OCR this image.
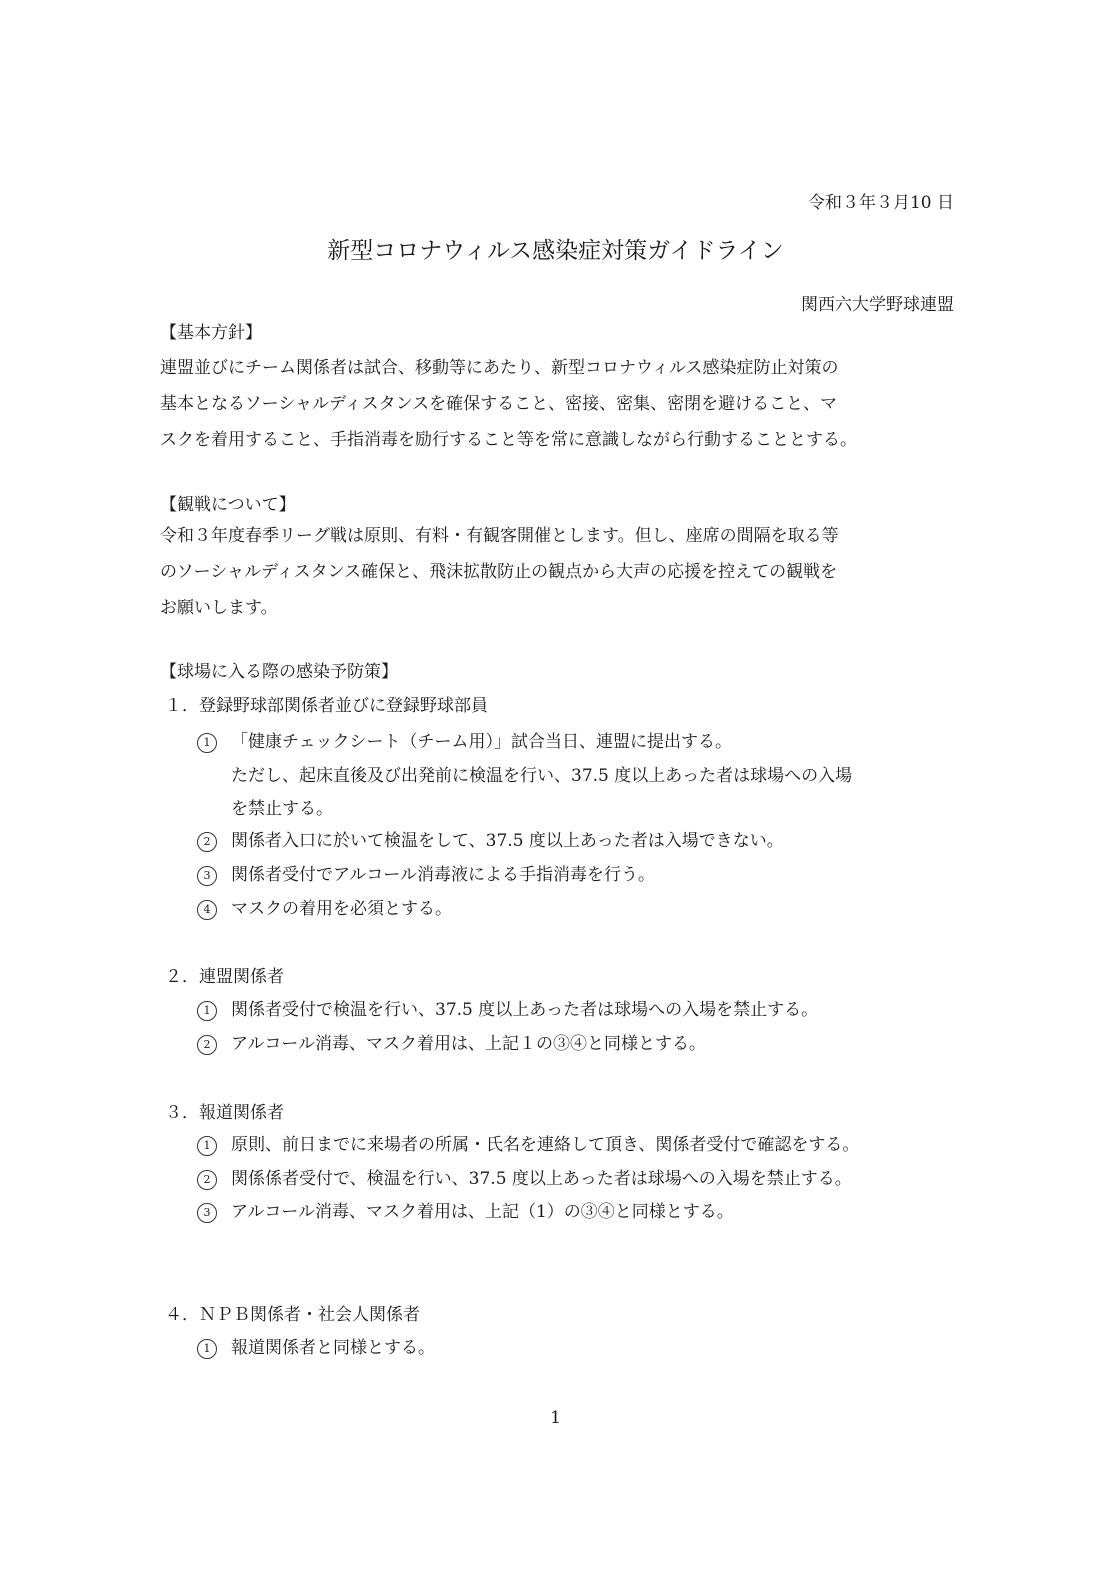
令和３年３月10 日
新型コロナウィルス感染症対策ガイドライン
関西六大学野球連盟
【基本方針】
連盟並びにチーム関係者は試合、移動等にあたり、新型コロナウィルス感染症防止対策の
基本となるソーシャルディスタンスを確保すること、密接、密集、密閉を避けること、マ
スクを着用すること、手指消毒を励行すること等を常に意識しながら行動することとする。
【観戦について】
令和３年度春季リーグ戦は原則、有料・有観客開催とします。但し、座席の間隔を取る等
のソーシャルディスタンス確保と、飛沫拡散防止の観点から大声の応援を控えての観戦を
お願いします。
【球場に入る際の感染予防策】
１．登録野球部関係者並びに登録野球部員
1 「健康チェックシート（チーム用）」試合当日、連盟に提出する。
ただし、起床直後及び出発前に検温を行い、37.5 度以上あった者は球場への入場
を禁止する。
2 関係者入口に於いて検温をして、37.5 度以上あった者は入場できない。
3 関係者受付でアルコール消毒液による手指消毒を行う。
4 マスクの着用を必須とする。
２．連盟関係者
1 関係者受付で検温を行い、37.5 度以上あった者は球場への入場を禁止する。
2 アルコール消毒、マスク着用は、上記１の③④と同様とする。
３．報道関係者
1 原則、前日までに来場者の所属・氏名を連絡して頂き、関係者受付で確認をする。
2 関係係者受付で、検温を行い、37.5 度以上あった者は球場への入場を禁止する。
3 アルコール消毒、マスク着用は、上記（1）の③④と同様とする。
４．ＮＰＢ関係者・社会人関係者
1 報道関係者と同様とする。
1
